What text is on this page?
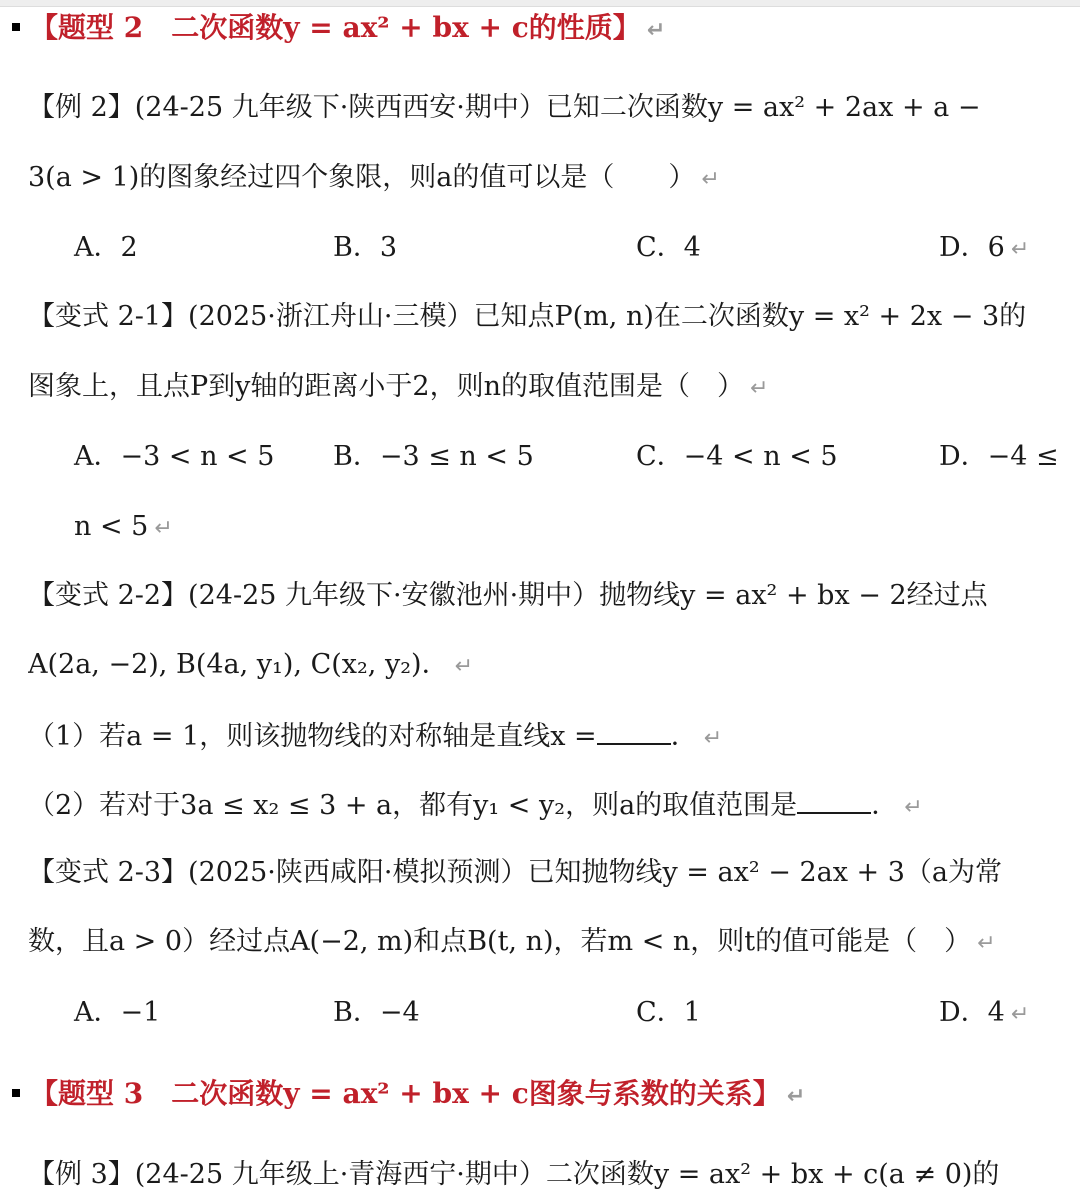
【题型 2　二次函数y = ax² + bx + c的性质】 ↵
【例 2】(24-25 九年级下·陕西西安·期中）已知二次函数y = ax² + 2ax + a −
3(a > 1)的图象经过四个象限，则a的值可以是（　　） ↵
A．2	B．3	C．4	D．6 ↵
【变式 2-1】(2025·浙江舟山·三模）已知点P(m, n)在二次函数y = x² + 2x − 3的
图象上，且点P到y轴的距离小于2，则n的取值范围是（　） ↵
A．−3 < n < 5 B．−3 ≤ n < 5	C．−4 < n < 5	D．−4 ≤
n < 5 ↵
【变式 2-2】(24-25 九年级下·安徽池州·期中）抛物线y = ax² + bx − 2经过点
A(2a, −2), B(4a, y₁), C(x₂, y₂)． ↵
（1）若a = 1，则该抛物线的对称轴是直线x =	． ↵
（2）若对于3a ≤ x₂ ≤ 3 + a，都有y₁ < y₂，则a的取值范围是	． ↵
【变式 2-3】(2025·陕西咸阳·模拟预测）已知抛物线y = ax² − 2ax + 3（a为常
数，且a > 0）经过点A(−2, m)和点B(t, n)，若m < n，则t的值可能是（　） ↵
A．−1	B．−4	C．1	D．4 ↵
【题型 3　二次函数y = ax² + bx + c图象与系数的关系】 ↵
【例 3】(24-25 九年级上·青海西宁·期中）二次函数y = ax² + bx + c(a ≠ 0)的
